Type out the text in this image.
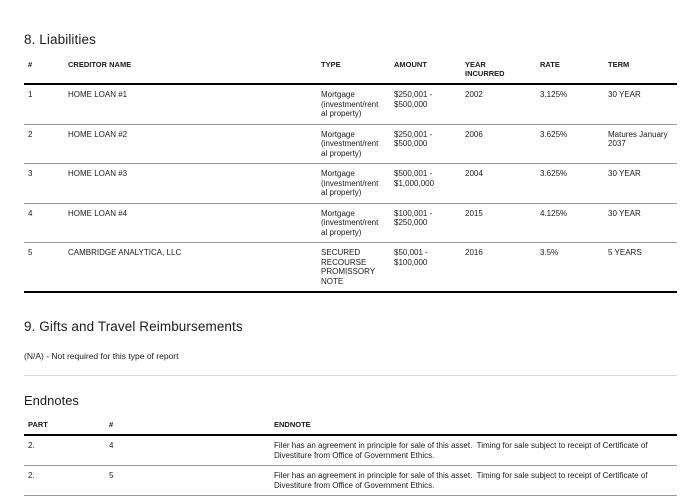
8. Liabilities
#	CREDITOR NAME	TYPE	AMOUNT	YEAR INCURRED	RATE	TERM
1	HOME LOAN #1	Mortgage (investment/rental property)	$250,001 - $500,000	2002	3.125%	30 YEAR
2	HOME LOAN #2	Mortgage (investment/rental property)	$250,001 - $500,000	2006	3.625%	Matures January 2037
3	HOME LOAN #3	Mortgage (investment/rental property)	$500,001 - $1,000,000	2004	3.625%	30 YEAR
4	HOME LOAN #4	Mortgage (investment/rental property)	$100,001 - $250,000	2015	4.125%	30 YEAR
5	CAMBRIDGE ANALYTICA, LLC	SECURED RECOURSE PROMISSORY NOTE	$50,001 - $100,000	2016	3.5%	5 YEARS
9. Gifts and Travel Reimbursements
(N/A) - Not required for this type of report
Endnotes
PART	#	ENDNOTE
2.	4	Filer has an agreement in principle for sale of this asset.  Timing for sale subject to receipt of Certificate of Divestiture from Office of Government Ethics.
2.	5	Filer has an agreement in principle for sale of this asset.  Timing for sale subject to receipt of Certificate of Divestiture from Office of Government Ethics.
